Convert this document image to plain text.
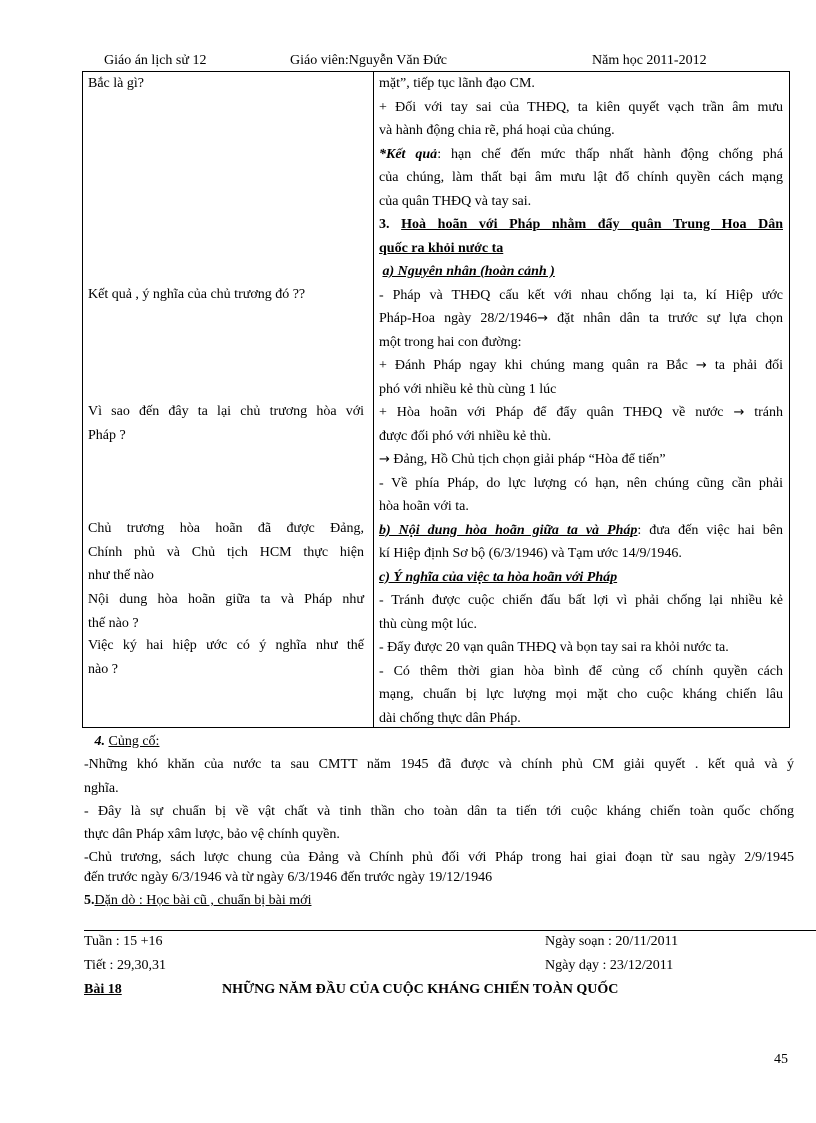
Giáo án lịch sử 12	Giáo viên:Nguyễn Văn Đức	Năm học 2011-2012
Bắc là gì?
Kết quả , ý nghĩa của chủ trương đó ??
Vì sao đến đây ta lại chủ trương hòa với
Pháp ?
Chủ trương hòa hoãn đã được Đảng,
Chính phủ và Chủ tịch HCM thực hiện
như thế nào
Nội dung hòa hoãn giữa ta và Pháp như
thế nào ?
Việc ký hai hiệp ước có ý nghĩa như thế
nào ?
mặt”, tiếp tục lãnh đạo CM.
+ Đối với tay sai của THĐQ, ta kiên quyết vạch trần âm mưu
và hành động chia rẽ, phá hoại của chúng.
*Kết quả: hạn chế đến mức thấp nhất hành động chống phá
của chúng, làm thất bại âm mưu lật đổ chính quyền cách mạng
của quân THĐQ và tay sai.
3. Hoà hoãn với Pháp nhằm đẩy quân Trung Hoa Dân
quốc ra khỏi nước ta
a) Nguyên nhân (hoàn cảnh )
- Pháp và THĐQ cấu kết với nhau chống lại ta, kí Hiệp ước
Pháp-Hoa ngày 28/2/1946→ đặt nhân dân ta trước sự lựa chọn
một trong hai con đường:
+ Đánh Pháp ngay khi chúng mang quân ra Bắc → ta phải đối
phó với nhiều kẻ thù cùng 1 lúc
+ Hòa hoãn với Pháp để đẩy quân THĐQ về nước → tránh
được đối phó với nhiều kẻ thù.
→ Đảng, Hồ Chủ tịch chọn giải pháp “Hòa để tiến”
- Về phía Pháp, do lực lượng có hạn, nên chúng cũng cần phải
hòa hoãn với ta.
b) Nội dung hòa hoãn giữa ta và Pháp: đưa đến việc hai bên
kí Hiệp định Sơ bộ (6/3/1946) và Tạm ước 14/9/1946.
c) Ý nghĩa của việc ta hòa hoãn với Pháp
- Tránh được cuộc chiến đấu bất lợi vì phải chống lại nhiều kẻ
thù cùng một lúc.
- Đẩy được 20 vạn quân THĐQ và bọn tay sai ra khỏi nước ta.
- Có thêm thời gian hòa bình để củng cố chính quyền cách
mạng, chuẩn bị lực lượng mọi mặt cho cuộc kháng chiến lâu
dài chống thực dân Pháp.
4. Củng cố:
-Những khó khăn của nước ta sau CMTT năm 1945 đã được và chính phủ CM giải quyết . kết quả và ý
nghĩa.
- Đây là sự chuẩn bị về vật chất và tinh thần cho toàn dân ta tiến tới cuộc kháng chiến toàn quốc chống
thực dân Pháp xâm lược, bảo vệ chính quyền.
-Chủ trương, sách lược chung của Đảng và Chính phủ đối với Pháp trong hai giai đoạn từ sau ngày 2/9/1945
đến trước ngày 6/3/1946 và từ ngày 6/3/1946 đến trước ngày 19/12/1946
5.Dặn dò : Học bài cũ , chuẩn bị bài mới
Tuần : 15 +16	Ngày soạn : 20/11/2011
Tiết : 29,30,31	Ngày dạy : 23/12/2011
Bài 18	NHỮNG NĂM ĐẦU CỦA CUỘC KHÁNG CHIẾN TOÀN QUỐC
45
